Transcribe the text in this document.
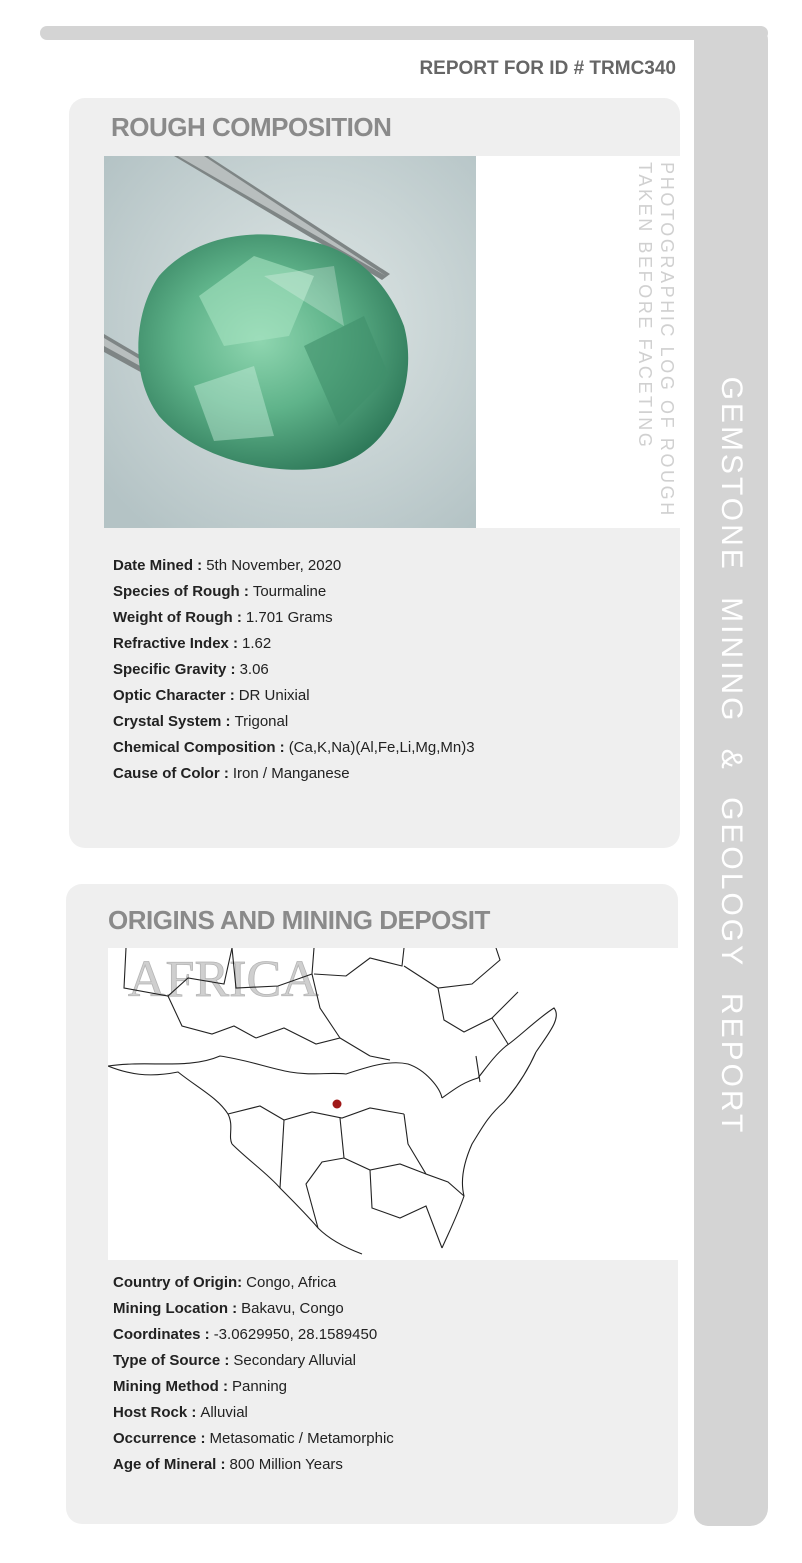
GEMSTONE MINING & GEOLOGY REPORT
REPORT FOR ID # TRMC340
ROUGH COMPOSITION
PHOTOGRAPHIC LOG OF ROUGH
TAKEN BEFORE FACETING
Date Mined : 5th November, 2020
Species of Rough : Tourmaline
Weight of Rough : 1.701 Grams
Refractive Index : 1.62
Specific Gravity : 3.06
Optic Character : DR Unixial
Crystal System : Trigonal
Chemical Composition : (Ca,K,Na)(Al,Fe,Li,Mg,Mn)3
Cause of Color : Iron / Manganese
ORIGINS AND MINING DEPOSIT
AFRICA
Country of Origin: Congo, Africa
Mining Location : Bakavu, Congo
Coordinates : -3.0629950, 28.1589450
Type of Source : Secondary Alluvial
Mining Method : Panning
Host Rock : Alluvial
Occurrence : Metasomatic / Metamorphic
Age of Mineral : 800 Million Years
